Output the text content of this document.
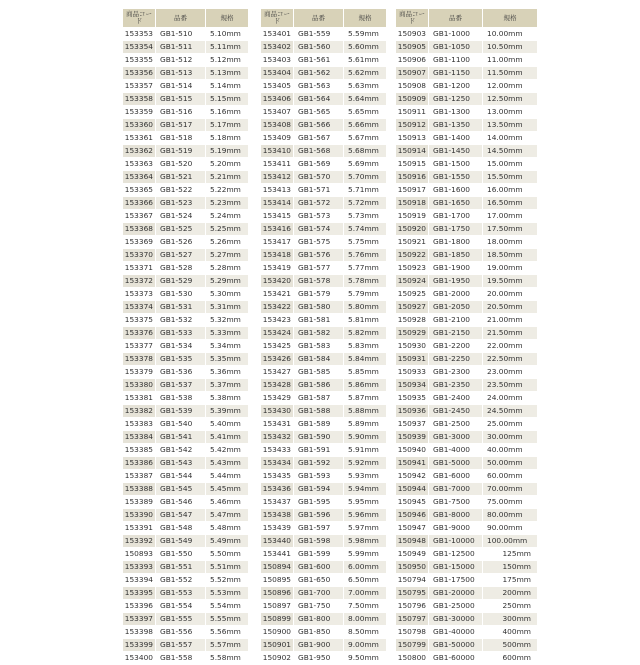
商品コード	品番	規格
153353	GB1-510	5.10mm
153354	GB1-511	5.11mm
153355	GB1-512	5.12mm
153356	GB1-513	5.13mm
153357	GB1-514	5.14mm
153358	GB1-515	5.15mm
153359	GB1-516	5.16mm
153360	GB1-517	5.17mm
153361	GB1-518	5.18mm
153362	GB1-519	5.19mm
153363	GB1-520	5.20mm
153364	GB1-521	5.21mm
153365	GB1-522	5.22mm
153366	GB1-523	5.23mm
153367	GB1-524	5.24mm
153368	GB1-525	5.25mm
153369	GB1-526	5.26mm
153370	GB1-527	5.27mm
153371	GB1-528	5.28mm
153372	GB1-529	5.29mm
153373	GB1-530	5.30mm
153374	GB1-531	5.31mm
153375	GB1-532	5.32mm
153376	GB1-533	5.33mm
153377	GB1-534	5.34mm
153378	GB1-535	5.35mm
153379	GB1-536	5.36mm
153380	GB1-537	5.37mm
153381	GB1-538	5.38mm
153382	GB1-539	5.39mm
153383	GB1-540	5.40mm
153384	GB1-541	5.41mm
153385	GB1-542	5.42mm
153386	GB1-543	5.43mm
153387	GB1-544	5.44mm
153388	GB1-545	5.45mm
153389	GB1-546	5.46mm
153390	GB1-547	5.47mm
153391	GB1-548	5.48mm
153392	GB1-549	5.49mm
150893	GB1-550	5.50mm
153393	GB1-551	5.51mm
153394	GB1-552	5.52mm
153395	GB1-553	5.53mm
153396	GB1-554	5.54mm
153397	GB1-555	5.55mm
153398	GB1-556	5.56mm
153399	GB1-557	5.57mm
153400	GB1-558	5.58mm
商品コード	品番	規格
153401	GB1-559	5.59mm
153402	GB1-560	5.60mm
153403	GB1-561	5.61mm
153404	GB1-562	5.62mm
153405	GB1-563	5.63mm
153406	GB1-564	5.64mm
153407	GB1-565	5.65mm
153408	GB1-566	5.66mm
153409	GB1-567	5.67mm
153410	GB1-568	5.68mm
153411	GB1-569	5.69mm
153412	GB1-570	5.70mm
153413	GB1-571	5.71mm
153414	GB1-572	5.72mm
153415	GB1-573	5.73mm
153416	GB1-574	5.74mm
153417	GB1-575	5.75mm
153418	GB1-576	5.76mm
153419	GB1-577	5.77mm
153420	GB1-578	5.78mm
153421	GB1-579	5.79mm
153422	GB1-580	5.80mm
153423	GB1-581	5.81mm
153424	GB1-582	5.82mm
153425	GB1-583	5.83mm
153426	GB1-584	5.84mm
153427	GB1-585	5.85mm
153428	GB1-586	5.86mm
153429	GB1-587	5.87mm
153430	GB1-588	5.88mm
153431	GB1-589	5.89mm
153432	GB1-590	5.90mm
153433	GB1-591	5.91mm
153434	GB1-592	5.92mm
153435	GB1-593	5.93mm
153436	GB1-594	5.94mm
153437	GB1-595	5.95mm
153438	GB1-596	5.96mm
153439	GB1-597	5.97mm
153440	GB1-598	5.98mm
153441	GB1-599	5.99mm
150894	GB1-600	6.00mm
150895	GB1-650	6.50mm
150896	GB1-700	7.00mm
150897	GB1-750	7.50mm
150899	GB1-800	8.00mm
150900	GB1-850	8.50mm
150901	GB1-900	9.00mm
150902	GB1-950	9.50mm
商品コード	品番	規格
150903	GB1-1000	10.00mm
150905	GB1-1050	10.50mm
150906	GB1-1100	11.00mm
150907	GB1-1150	11.50mm
150908	GB1-1200	12.00mm
150909	GB1-1250	12.50mm
150911	GB1-1300	13.00mm
150912	GB1-1350	13.50mm
150913	GB1-1400	14.00mm
150914	GB1-1450	14.50mm
150915	GB1-1500	15.00mm
150916	GB1-1550	15.50mm
150917	GB1-1600	16.00mm
150918	GB1-1650	16.50mm
150919	GB1-1700	17.00mm
150920	GB1-1750	17.50mm
150921	GB1-1800	18.00mm
150922	GB1-1850	18.50mm
150923	GB1-1900	19.00mm
150924	GB1-1950	19.50mm
150925	GB1-2000	20.00mm
150927	GB1-2050	20.50mm
150928	GB1-2100	21.00mm
150929	GB1-2150	21.50mm
150930	GB1-2200	22.00mm
150931	GB1-2250	22.50mm
150933	GB1-2300	23.00mm
150934	GB1-2350	23.50mm
150935	GB1-2400	24.00mm
150936	GB1-2450	24.50mm
150937	GB1-2500	25.00mm
150939	GB1-3000	30.00mm
150940	GB1-4000	40.00mm
150941	GB1-5000	50.00mm
150942	GB1-6000	60.00mm
150944	GB1-7000	70.00mm
150945	GB1-7500	75.00mm
150946	GB1-8000	80.00mm
150947	GB1-9000	90.00mm
150948	GB1-10000	100.00mm
150949	GB1-12500	125mm
150950	GB1-15000	150mm
150794	GB1-17500	175mm
150795	GB1-20000	200mm
150796	GB1-25000	250mm
150797	GB1-30000	300mm
150798	GB1-40000	400mm
150799	GB1-50000	500mm
150800	GB1-60000	600mm
